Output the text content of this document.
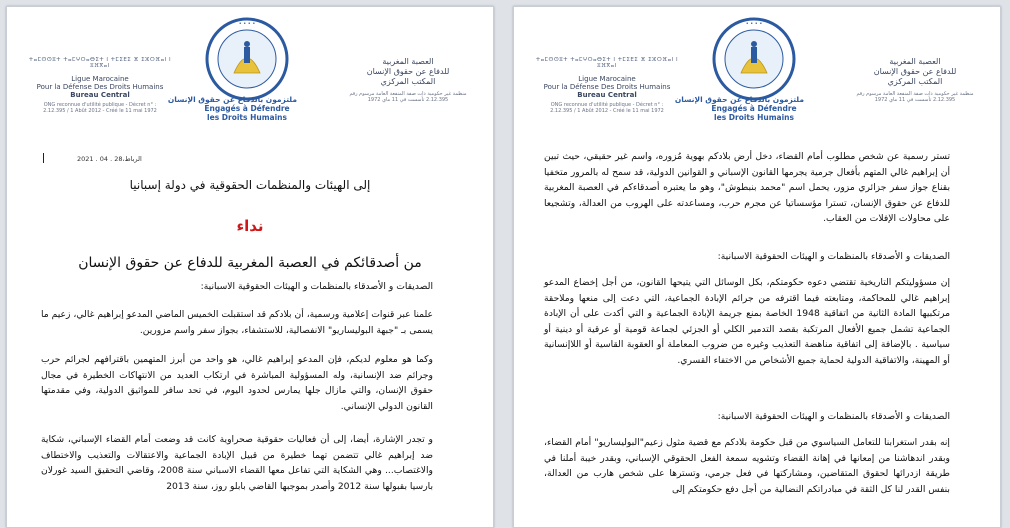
ⵜⴰⵎⵙⵙⵓⵜ ⵜⴰⵎⵖⵔⴰⴱⵉⵜ ⵏ ⵜⵎⵉⴹⵉ ⴼ ⵉⵣⵔⴼⴰⵏ ⵏ ⵓⴼⴳⴰⵏ
Ligue Marocaine
Pour la Défense Des Droits Humains
Bureau Central
ONG reconnue d'utilité publique - Décret n° :
2.12.395 / 1 Abût 2012 - Créé le 11 mai 1972
• • • •
ملتزمون بالدفاع عن حقوق الإنسان
Engagés à Défendre
les Droits Humains
العصبة المغربية
للدفاع عن حقوق الإنسان
المكتب المركزي
منظمة غير حكومية ذات صفة المنفعة العامة مرسوم رقم 2.12.395 تأسست في 11 ماي 1972
الرباط،28 . 04 . 2021
إلى الهيئات والمنظمات الحقوقية في دولة إسبانيا
نداء
من أصدقائكم في العصبة المغربية للدفاع عن حقوق الإنسان
الصديقات و الأصدقاء بالمنظمات و الهيئات الحقوقية الاسبانية:
علمنا عبر قنوات إعلامية ورسمية، أن بلادكم قد استقبلت الخميس الماضي المدعو إبراهيم غالي، زعيم ما يسمى بـ "جبهة البوليساريو" الانفصالية، للاستشفاء، بجواز سفر واسم مزورين.
وكما هو معلوم لديكم، فإن المدعو إبراهيم غالي، هو واحد من أبرز المتهمين باقترافهم لجرائم حرب وجرائم ضد الإنسانية، وله المسؤولية المباشرة في ارتكاب العديد من الانتهاكات الخطيرة في مجال حقوق الإنسان، والتي مازال جلها يمارس لحدود اليوم، في تحد سافر للمواثيق الدولية، وفي مقدمتها القانون الدولي الإنساني.
و تجدر الإشارة، أيضا، إلى أن فعاليات حقوقية صحراوية كانت قد وضعت أمام القضاء الإسباني، شكاية ضد إبراهيم غالي تتضمن تهما خطيرة من قبيل الإبادة الجماعية والاعتقالات والتعذيب والاختطاف والاغتصاب... وهي الشكاية التي تفاعل معها القضاء الاسباني سنة 2008، وقاضي التحقيق السيد غورلان بارسيا بقبولها سنة 2012 وأصدر بموجبها القاضي بابلو روز، سنة 2013
ⵜⴰⵎⵙⵙⵓⵜ ⵜⴰⵎⵖⵔⴰⴱⵉⵜ ⵏ ⵜⵎⵉⴹⵉ ⴼ ⵉⵣⵔⴼⴰⵏ ⵏ ⵓⴼⴳⴰⵏ
Ligue Marocaine
Pour la Défense Des Droits Humains
Bureau Central
ONG reconnue d'utilité publique - Décret n° :
2.12.395 / 1 Abût 2012 - Créé le 11 mai 1972
• • • •
ملتزمون بالدفاع عن حقوق الإنسان
Engagés à Défendre
les Droits Humains
العصبة المغربية
للدفاع عن حقوق الإنسان
المكتب المركزي
منظمة غير حكومية ذات صفة المنفعة العامة مرسوم رقم 2.12.395 تأسست في 11 ماي 1972
تستر رسمية عن شخص مطلوب أمام القضاء، دخل أرض بلادكم بهوية مُزوره، واسم غير حقيقي، حيث تبين أن إبراهيم غالي المتهم بأفعال جرمية يجرمها القانون الإسباني و القوانين الدولية، قد سمح له بالمرور متخفيا بقناع جواز سفر جزائري مزور، يحمل اسم "محمد بنبطوش"، وهو ما يعتبره أصدقاءكم في العصبة المغربية للدفاع عن حقوق الإنسان، تسترا مؤسساتيا عن مجرم حرب، ومساعدته على الهروب من العدالة، وتشجيعا على محاولات الإفلات من العقاب.
الصديقات و الأصدقاء بالمنظمات و الهيئات الحقوقية الاسبانية:
إن مسؤوليتكم التاريخية تقتضي دعوه حكومتكم، بكل الوسائل التي يتيحها القانون، من أجل إخضاع المدعو إبراهيم غالي للمحاكمة، ومتابعته فيما اقترفه من جرائم الإبادة الجماعية، التي دعت إلى منعها وملاحقة مرتكبيها المادة الثانية من اتفاقية 1948 الخاصة بمنع جريمة الإبادة الجماعية و التي أكدت على أن الإبادة الجماعية تشمل جميع الأفعال المرتكبة بقصد التدمير الكلي أو الجزئي لجماعة قومية أو عرقية أو دينية أو سياسية . بالإضافة إلى اتفاقية مناهضة التعذيب وغيره من ضروب المعاملة أو العقوبة القاسية أو اللاإنسانية أو المهينة، والاتفاقية الدولية لحماية جميع الأشخاص من الاختفاء القسري.
الصديقات و الأصدقاء بالمنظمات و الهيئات الحقوقية الاسبانية:
إنه بقدر استغرابنا للتعامل السياسوي من قبل حكومة بلادكم مع قضية مثول زعيم"البوليساريو" أمام القضاء، وبقدر اندهاشنا من إمعانها في إهانة القضاء وتشويه سمعة الفعل الحقوقي الإسباني، وبقدر خيبة أملنا في طريقة ازدرائها لحقوق المتقاضين، ومشاركتها في فعل جرمي، وتسترها على شخص هارب من العدالة، بنفس القدر لنا كل الثقة في مبادراتكم النضالية من أجل دفع حكومتكم إلى
